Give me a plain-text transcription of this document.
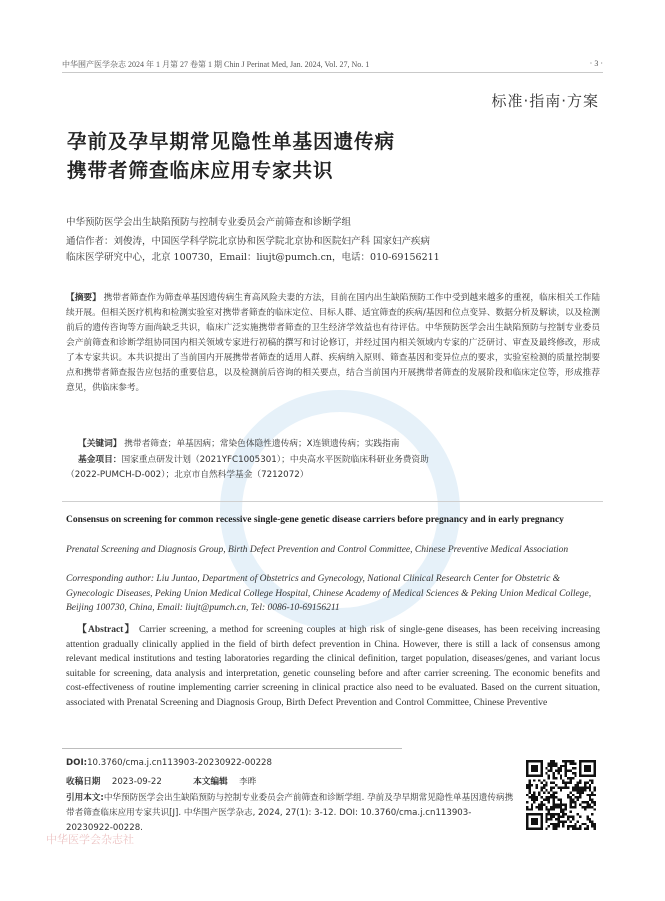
中华围产医学杂志 2024 年 1 月第 27 卷第 1 期 Chin J Perinat Med, Jan. 2024, Vol. 27, No. 1	· 3 ·
标准·指南·方案
孕前及孕早期常见隐性单基因遗传病
携带者筛查临床应用专家共识
中华预防医学会出生缺陷预防与控制专业委员会产前筛查和诊断学组
通信作者：刘俊涛，中国医学科学院北京协和医学院北京协和医院妇产科 国家妇产疾病
临床医学研究中心，北京 100730，Email：liujt@pumch.cn，电话：010-69156211
【摘要】 携带者筛查作为筛查单基因遗传病生育高风险夫妻的方法，目前在国内出生缺陷预防工作中受到越来越多的重视，临床相关工作陆续开展。但相关医疗机构和检测实验室对携带者筛查的临床定位、目标人群、适宜筛查的疾病/基因和位点变异、数据分析及解读，以及检测前后的遗传咨询等方面尚缺乏共识，临床广泛实施携带者筛查的卫生经济学效益也有待评估。中华预防医学会出生缺陷预防与控制专业委员会产前筛查和诊断学组协同国内相关领域专家进行初稿的撰写和讨论修订，并经过国内相关领域内专家的广泛研讨、审查及最终修改，形成了本专家共识。本共识提出了当前国内开展携带者筛查的适用人群、疾病纳入原则、筛查基因和变异位点的要求，实验室检测的质量控制要点和携带者筛查报告应包括的重要信息，以及检测前后咨询的相关要点，结合当前国内开展携带者筛查的发展阶段和临床定位等，形成推荐意见，供临床参考。
【关键词】 携带者筛查；单基因病；常染色体隐性遗传病；X连锁遗传病；实践指南
基金项目：国家重点研发计划（2021YFC1005301）；中央高水平医院临床科研业务费资助
（2022-PUMCH-D-002）；北京市自然科学基金（7212072）
Consensus on screening for common recessive single-gene genetic disease carriers before pregnancy and in early pregnancy
Prenatal Screening and Diagnosis Group, Birth Defect Prevention and Control Committee, Chinese Preventive Medical Association
Corresponding author: Liu Juntao, Department of Obstetrics and Gynecology, National Clinical Research Center for Obstetric & Gynecologic Diseases, Peking Union Medical College Hospital, Chinese Academy of Medical Sciences & Peking Union Medical College, Beijing 100730, China, Email: liujt@pumch.cn, Tel: 0086-10-69156211
【Abstract】 Carrier screening, a method for screening couples at high risk of single-gene diseases, has been receiving increasing attention gradually clinically applied in the field of birth defect prevention in China. However, there is still a lack of consensus among relevant medical institutions and testing laboratories regarding the clinical definition, target population, diseases/genes, and variant locus suitable for screening, data analysis and interpretation, genetic counseling before and after carrier screening. The economic benefits and cost-effectiveness of routine implementing carrier screening in clinical practice also need to be evaluated. Based on the current situation, associated with Prenatal Screening and Diagnosis Group, Birth Defect Prevention and Control Committee, Chinese Preventive
DOI:10.3760/cma.j.cn113903-20230922-00228
收稿日期 2023-09-22	本文编辑 李晔
引用本文:中华预防医学会出生缺陷预防与控制专业委员会产前筛查和诊断学组. 孕前及孕早期常见隐性单基因遗传病携带者筛查临床应用专家共识[J]. 中华围产医学杂志, 2024, 27(1): 3-12. DOI: 10.3760/cma.j.cn113903-20230922-00228.
中华医学会杂志社
